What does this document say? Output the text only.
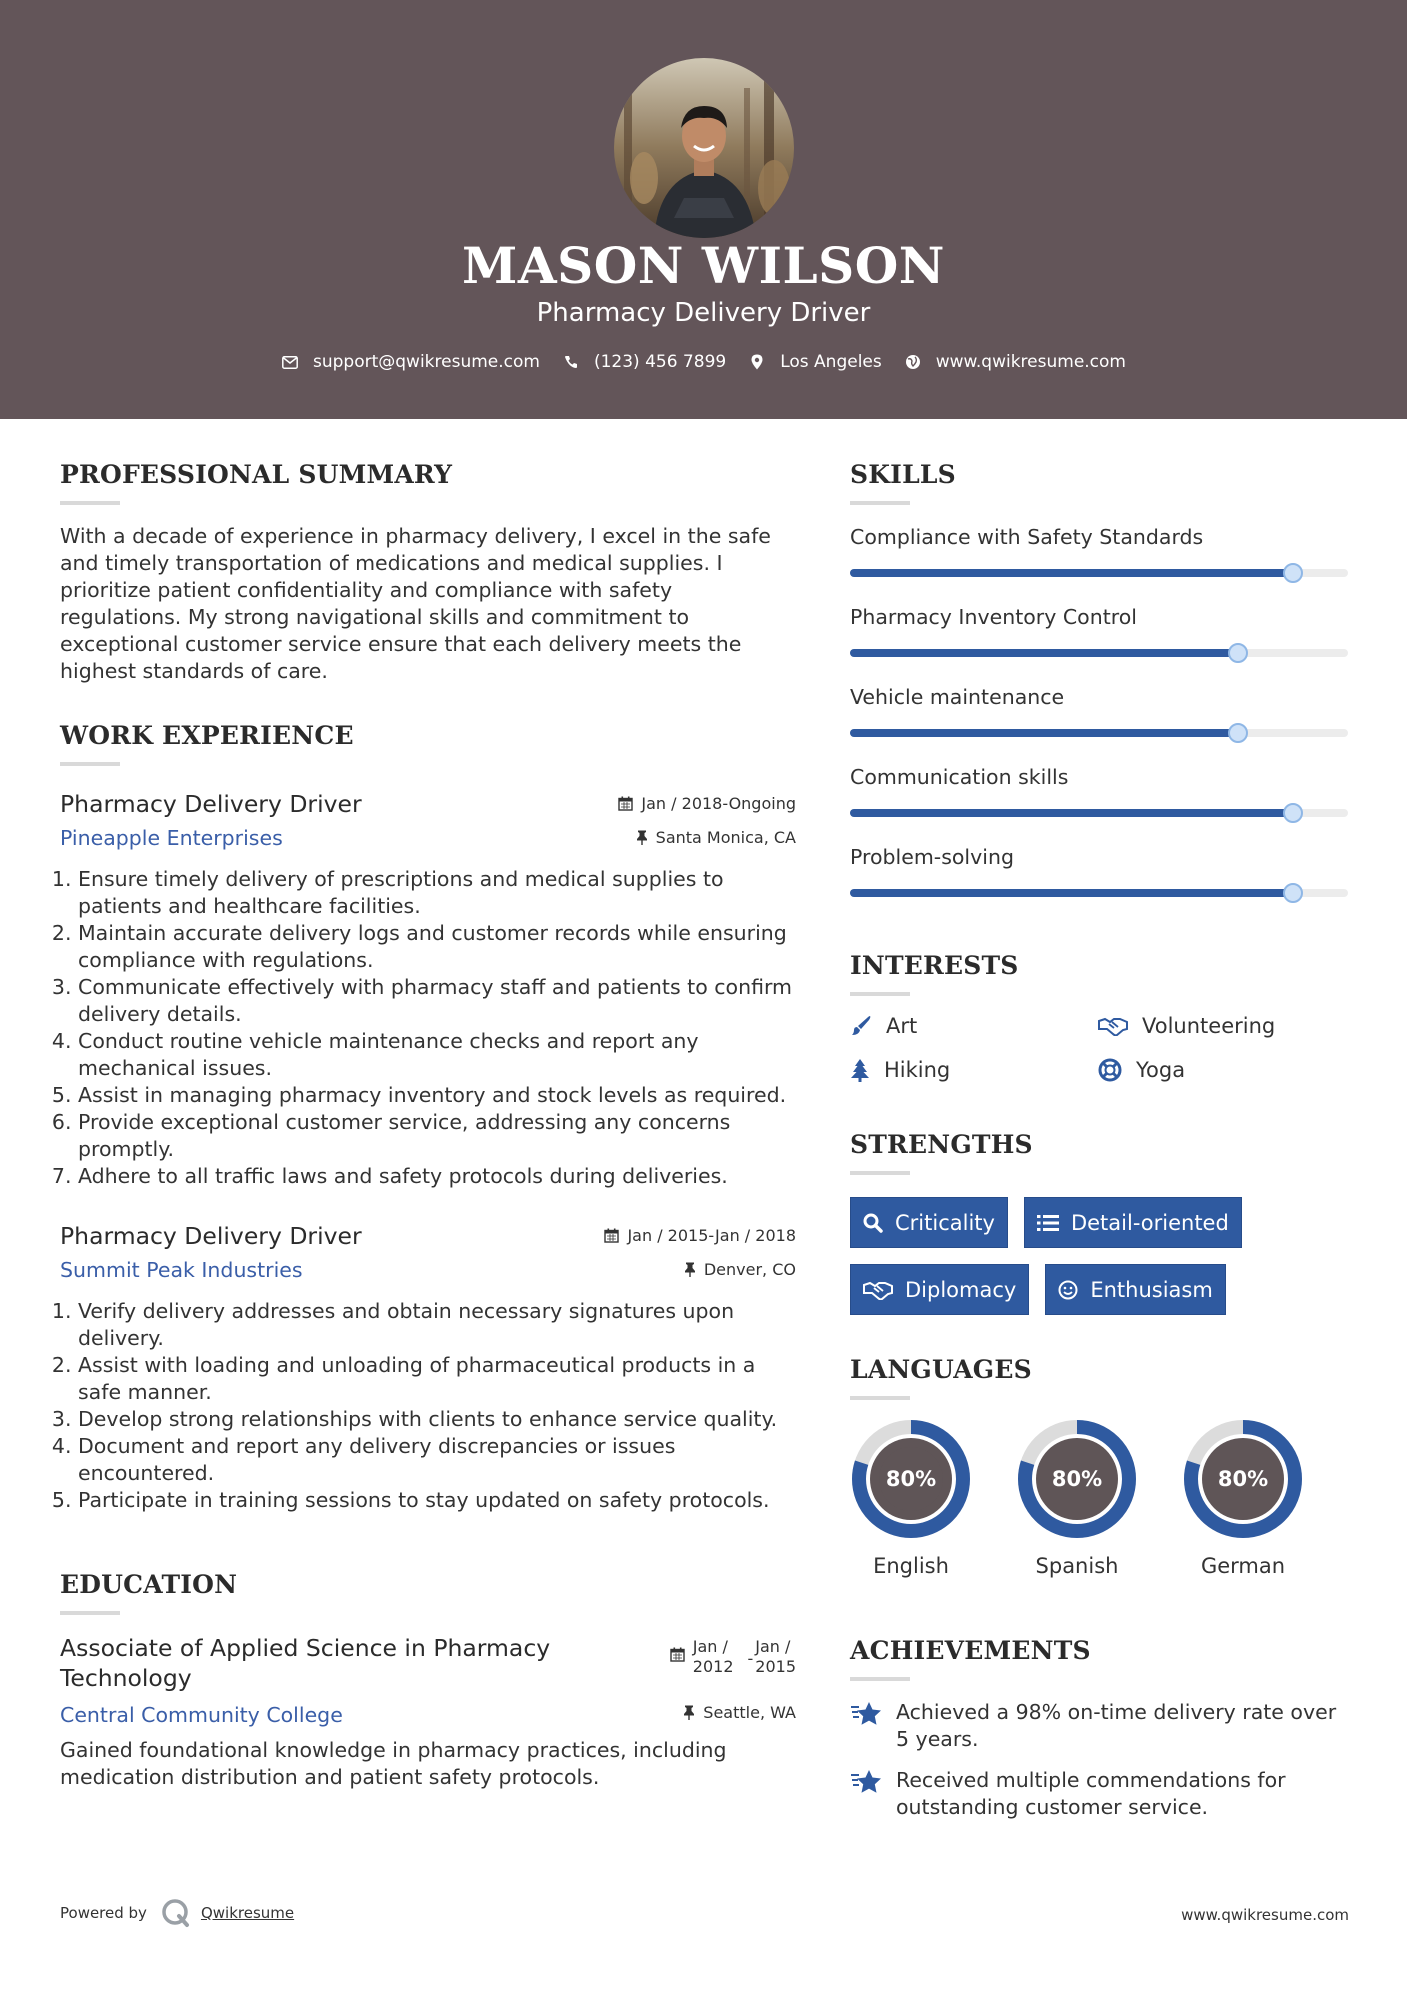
MASON WILSON
Pharmacy Delivery Driver
support@qwikresume.com	(123) 456 7899	Los Angeles	www.qwikresume.com
PROFESSIONAL SUMMARY

With a decade of experience in pharmacy delivery, I excel in the safe and timely transportation of medications and medical supplies. I prioritize patient confidentiality and compliance with safety regulations. My strong navigational skills and commitment to exceptional customer service ensure that each delivery meets the highest standards of care.

WORK EXPERIENCE
Pharmacy Delivery Driver
Pineapple Enterprises
Jan / 2018-Ongoing
Santa Monica, CA
1. Ensure timely delivery of prescriptions and medical supplies to patients and healthcare facilities.
2. Maintain accurate delivery logs and customer records while ensuring compliance with regulations.
3. Communicate effectively with pharmacy staff and patients to confirm delivery details.
4. Conduct routine vehicle maintenance checks and report any mechanical issues.
5. Assist in managing pharmacy inventory and stock levels as required.
6. Provide exceptional customer service, addressing any concerns promptly.
7. Adhere to all traffic laws and safety protocols during deliveries.
Pharmacy Delivery Driver
Summit Peak Industries
Jan / 2015-Jan / 2018
Denver, CO
1. Verify delivery addresses and obtain necessary signatures upon delivery.
2. Assist with loading and unloading of pharmaceutical products in a safe manner.
3. Develop strong relationships with clients to enhance service quality.
4. Document and report any delivery discrepancies or issues encountered.
5. Participate in training sessions to stay updated on safety protocols.
EDUCATION
Associate of Applied Science in Pharmacy Technology
Central Community College
Jan /
2012 -
Jan /
2015
Seattle, WA

Gained foundational knowledge in pharmacy practices, including medication distribution and patient safety protocols.

SKILLS
Compliance with Safety Standards
Pharmacy Inventory Control
Vehicle maintenance
Communication skills
Problem-solving
INTERESTS
Art	Volunteering
Hiking	Yoga
STRENGTHS
Criticality	Detail-oriented
Diplomacy	Enthusiasm
LANGUAGES
80%
English
80%
Spanish
80%
German
ACHIEVEMENTS
Achieved a 98% on-time delivery rate over 5 years.
Received multiple commendations for outstanding customer service.
Powered by	Qwikresume	www.qwikresume.com
